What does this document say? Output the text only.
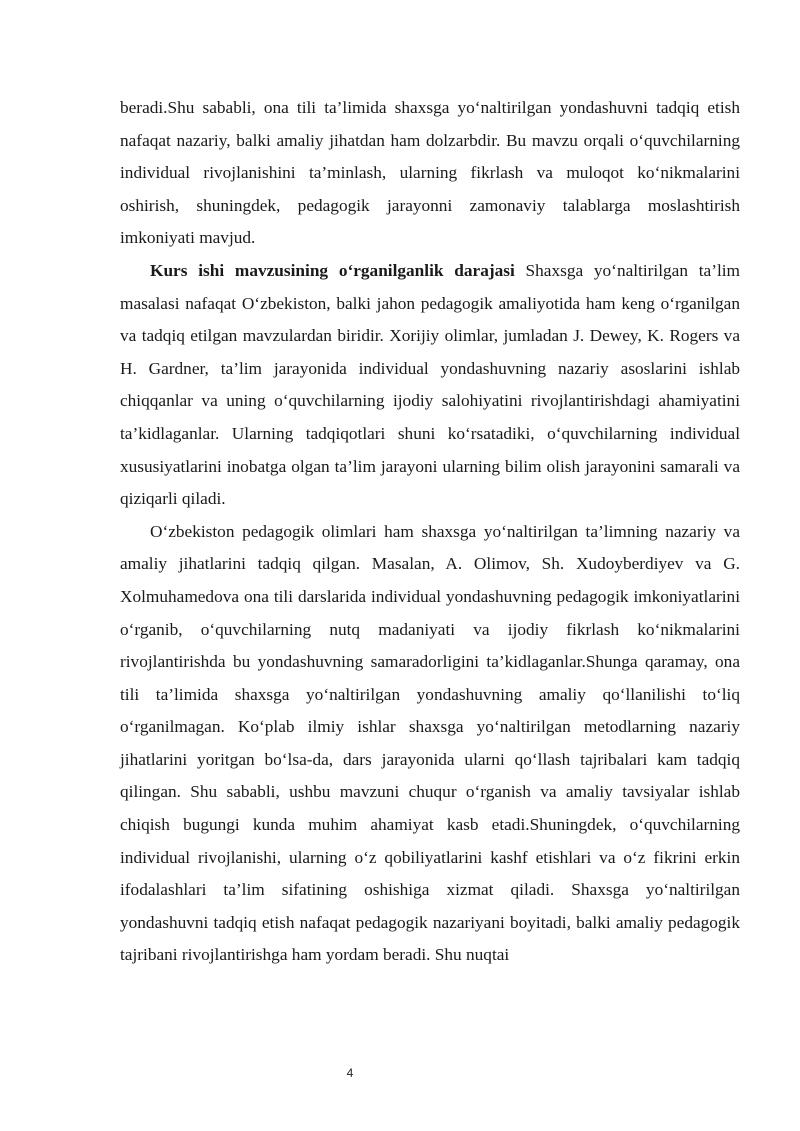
beradi.Shu sababli, ona tili ta’limida shaxsga yo‘naltirilgan yondashuvni tadqiq etish nafaqat nazariy, balki amaliy jihatdan ham dolzarbdir. Bu mavzu orqali o‘quvchilarning individual rivojlanishini ta’minlash, ularning fikrlash va muloqot ko‘nikmalarini oshirish, shuningdek, pedagogik jarayonni zamonaviy talablarga moslashtirish imkoniyati mavjud.

Kurs ishi mavzusining o‘rganilganlik darajasi Shaxsga yo‘naltirilgan ta’lim masalasi nafaqat O‘zbekiston, balki jahon pedagogik amaliyotida ham keng o‘rganilgan va tadqiq etilgan mavzulardan biridir. Xorijiy olimlar, jumladan J. Dewey, K. Rogers va H. Gardner, ta’lim jarayonida individual yondashuvning nazariy asoslarini ishlab chiqqanlar va uning o‘quvchilarning ijodiy salohiyatini rivojlantirishdagi ahamiyatini ta’kidlaganlar. Ularning tadqiqotlari shuni ko‘rsatadiki, o‘quvchilarning individual xususiyatlarini inobatga olgan ta’lim jarayoni ularning bilim olish jarayonini samarali va qiziqarli qiladi.

O‘zbekiston pedagogik olimlari ham shaxsga yo‘naltirilgan ta’limning nazariy va amaliy jihatlarini tadqiq qilgan. Masalan, A. Olimov, Sh. Xudoyberdiyev va G. Xolmuhamedova ona tili darslarida individual yondashuvning pedagogik imkoniyatlarini o‘rganib, o‘quvchilarning nutq madaniyati va ijodiy fikrlash ko‘nikmalarini rivojlantirishda bu yondashuvning samaradorligini ta’kidlaganlar.Shunga qaramay, ona tili ta’limida shaxsga yo‘naltirilgan yondashuvning amaliy qo‘llanilishi to‘liq o‘rganilmagan. Ko‘plab ilmiy ishlar shaxsga yo‘naltirilgan metodlarning nazariy jihatlarini yoritgan bo‘lsa-da, dars jarayonida ularni qo‘llash tajribalari kam tadqiq qilingan. Shu sababli, ushbu mavzuni chuqur o‘rganish va amaliy tavsiyalar ishlab chiqish bugungi kunda muhim ahamiyat kasb etadi.Shuningdek, o‘quvchilarning individual rivojlanishi, ularning o‘z qobiliyatlarini kashf etishlari va o‘z fikrini erkin ifodalashlari ta’lim sifatining oshishiga xizmat qiladi. Shaxsga yo‘naltirilgan yondashuvni tadqiq etish nafaqat pedagogik nazariyani boyitadi, balki amaliy pedagogik tajribani rivojlantirishga ham yordam beradi. Shu nuqtai

4
